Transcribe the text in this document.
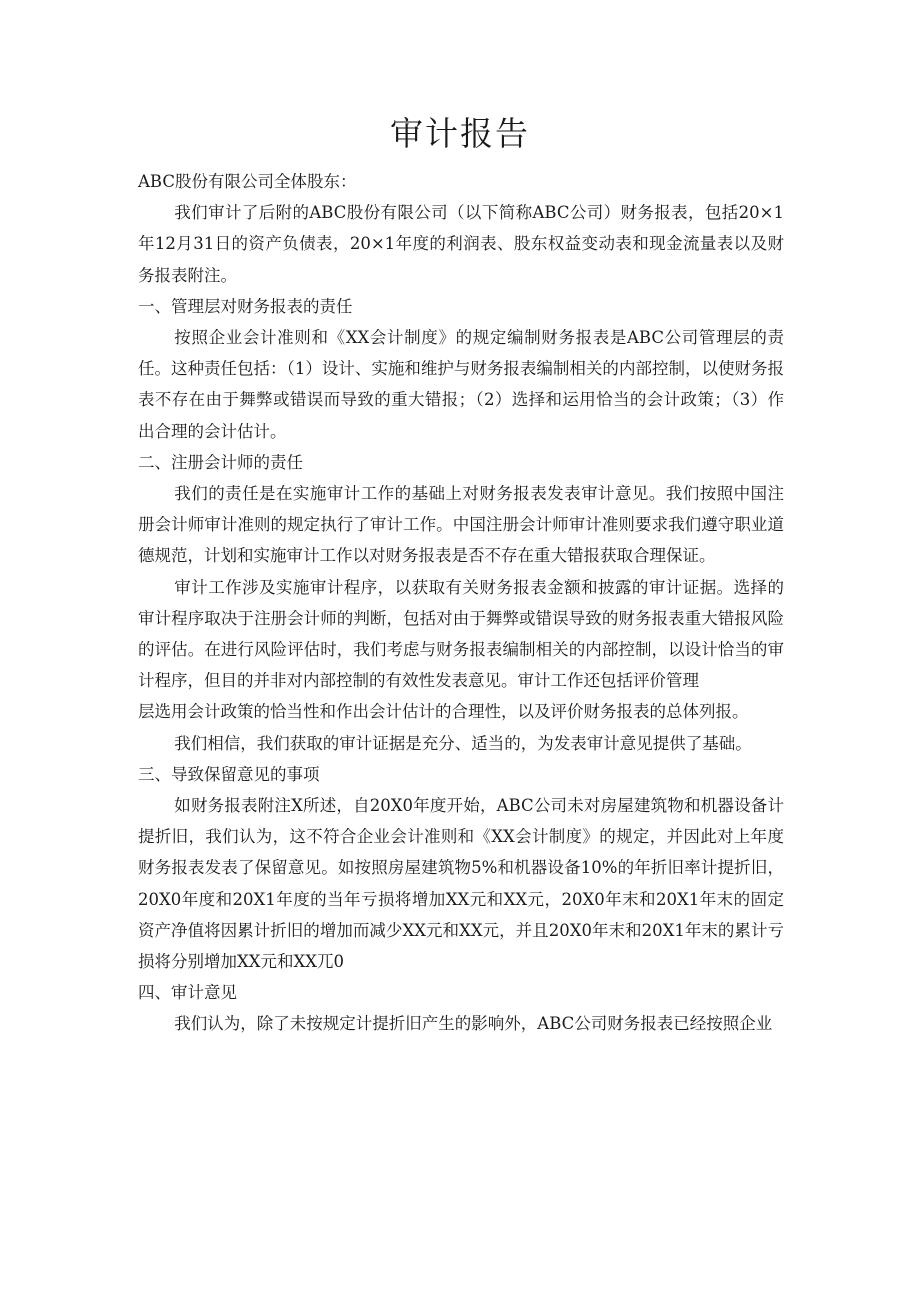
审计报告

ABC股份有限公司全体股东：

我们审计了后附的ABC股份有限公司（以下简称ABC公司）财务报表，包括20×1年12月31日的资产负债表，20×1年度的利润表、股东权益变动表和现金流量表以及财务报表附注。

一、管理层对财务报表的责任

按照企业会计准则和《XX会计制度》的规定编制财务报表是ABC公司管理层的责任。这种责任包括：（1）设计、实施和维护与财务报表编制相关的内部控制，以使财务报表不存在由于舞弊或错误而导致的重大错报；（2）选择和运用恰当的会计政策；（3）作出合理的会计估计。

二、注册会计师的责任

我们的责任是在实施审计工作的基础上对财务报表发表审计意见。我们按照中国注册会计师审计准则的规定执行了审计工作。中国注册会计师审计准则要求我们遵守职业道德规范，计划和实施审计工作以对财务报表是否不存在重大错报获取合理保证。

审计工作涉及实施审计程序，以获取有关财务报表金额和披露的审计证据。选择的审计程序取决于注册会计师的判断，包括对由于舞弊或错误导致的财务报表重大错报风险的评估。在进行风险评估时，我们考虑与财务报表编制相关的内部控制，以设计恰当的审计程序，但目的并非对内部控制的有效性发表意见。审计工作还包括评价管理

层选用会计政策的恰当性和作出会计估计的合理性，以及评价财务报表的总体列报。

我们相信，我们获取的审计证据是充分、适当的，为发表审计意见提供了基础。

三、导致保留意见的事项

如财务报表附注X所述，自20X0年度开始，ABC公司未对房屋建筑物和机器设备计提折旧，我们认为，这不符合企业会计准则和《XX会计制度》的规定，并因此对上年度财务报表发表了保留意见。如按照房屋建筑物5%和机器设备10%的年折旧率计提折旧，20X0年度和20X1年度的当年亏损将增加XX元和XX元，20X0年末和20X1年末的固定资产净值将因累计折旧的增加而减少XX元和XX元，并且20X0年末和20X1年末的累计亏损将分别增加XX元和XX兀0

四、审计意见

我们认为，除了未按规定计提折旧产生的影响外，ABC公司财务报表已经按照企业
